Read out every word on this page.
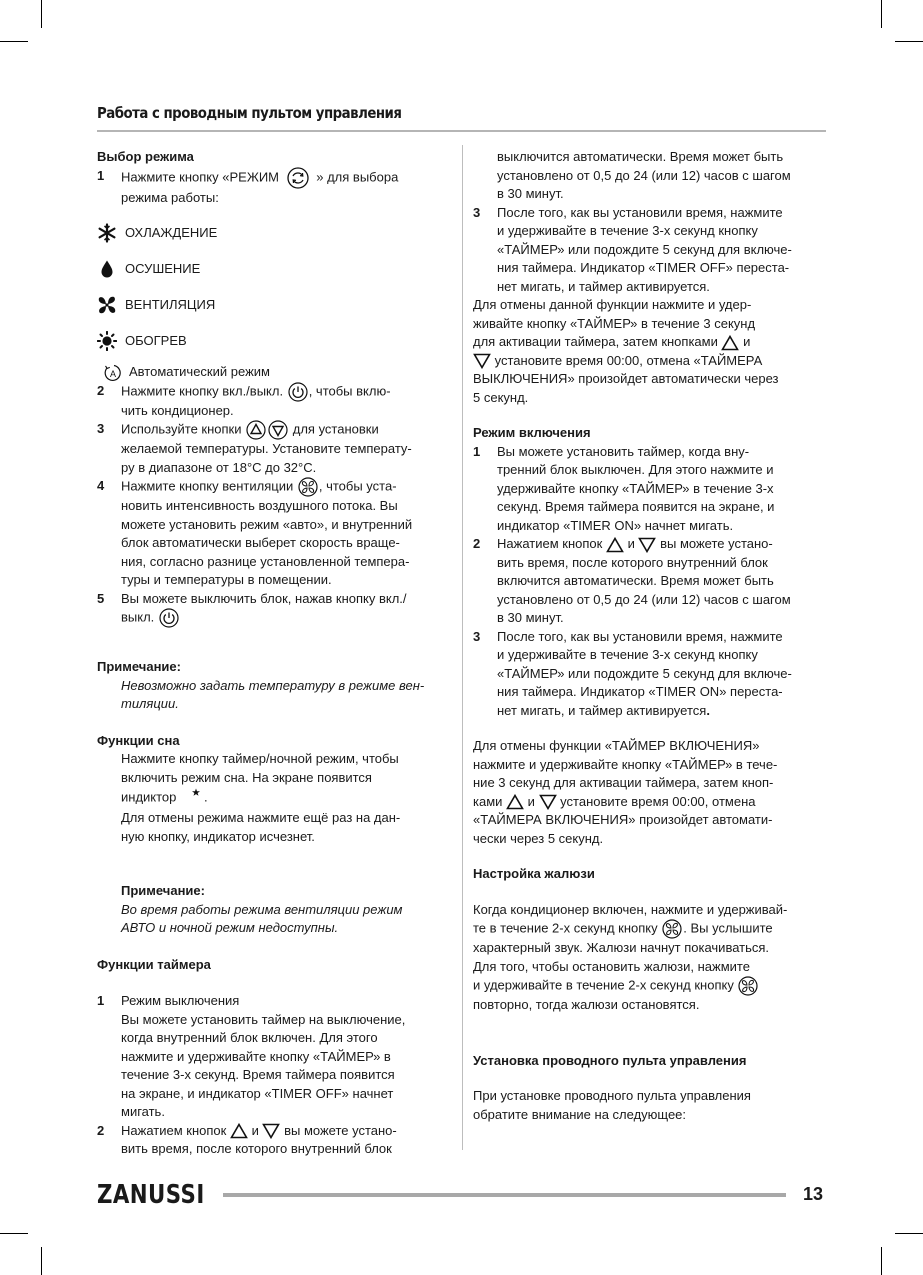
Работа с проводным пультом управления

Выбор режима

1	Нажмите кнопку «РЕЖИМ	» для выбора
режима работы:
ОХЛАЖДЕНИЕ
ОСУШЕНИЕ
ВЕНТИЛЯЦИЯ
ОБОГРЕВ

A Автоматический режим

2	Нажмите кнопку вкл./выкл. , чтобы вклю-
чить кондиционер.
3	Используйте кнопки	для установки
желаемой температуры. Установите температу-
ру в диапазоне от 18°C до 32°C.
4	Нажмите кнопку вентиляции , чтобы уста-
новить интенсивность воздушного потока. Вы
можете установить режим «авто», и внутренний
блок автоматически выберет скорость враще-
ния, согласно разнице установленной темпера-
туры и температуры в помещении.
5	Вы можете выключить блок, нажав кнопку вкл./
выкл.

Примечание:

Невозможно задать температуру в режиме вен-
тиляции.

Функции сна

Нажмите кнопку таймер/ночной режим, чтобы
включить режим сна. На экране появится
индиктор .
Для отмены режима нажмите ещё раз на дан-
ную кнопку, индикатор исчезнет.

Примечание:

Во время работы режима вентиляции режим
АВТО и ночной режим недоступны.

Функции таймера

1	Режим выключения
Вы можете установить таймер на выключение,
когда внутренний блок включен. Для этого
нажмите и удерживайте кнопку «ТАЙМЕР» в
течение 3-х секунд. Время таймера появится
на экране, и индикатор «TIMER OFF» начнет
мигать.
2	Нажатием кнопок и вы можете устано-
вить время, после которого внутренний блок

выключится автоматически. Время может быть
установлено от 0,5 до 24 (или 12) часов с шагом
в 30 минут.

3	После того, как вы установили время, нажмите
и удерживайте в течение 3-х секунд кнопку
«ТАЙМЕР» или подождите 5 секунд для включе-
ния таймера. Индикатор «TIMER OFF» переста-
нет мигать, и таймер активируется.

Для отмены данной функции нажмите и удер-
живайте кнопку «ТАЙМЕР» в течение 3 секунд
для активации таймера, затем кнопками и
установите время 00:00, отмена «ТАЙМЕРА
ВЫКЛЮЧЕНИЯ» произойдет автоматически через
5 секунд.

Режим включения

1	Вы можете установить таймер, когда вну-
тренний блок выключен. Для этого нажмите и
удерживайте кнопку «ТАЙМЕР» в течение 3-х
секунд. Время таймера появится на экране, и
индикатор «TIMER ON» начнет мигать.
2	Нажатием кнопок и вы можете устано-
вить время, после которого внутренний блок
включится автоматически. Время может быть
установлено от 0,5 до 24 (или 12) часов с шагом
в 30 минут.
3	После того, как вы установили время, нажмите
и удерживайте в течение 3-х секунд кнопку
«ТАЙМЕР» или подождите 5 секунд для включе-
ния таймера. Индикатор «TIMER ON» переста-
нет мигать, и таймер активируется.

Для отмены функции «ТАЙМЕР ВКЛЮЧЕНИЯ»
нажмите и удерживайте кнопку «ТАЙМЕР» в тече-
ние 3 секунд для активации таймера, затем кноп-
ками и установите время 00:00, отмена
«ТАЙМЕРА ВКЛЮЧЕНИЯ» произойдет автомати-
чески через 5 секунд.

Настройка жалюзи

Когда кондиционер включен, нажмите и удерживай-
те в течение 2-х секунд кнопку . Вы услышите
характерный звук. Жалюзи начнут покачиваться.
Для того, чтобы остановить жалюзи, нажмите
и удерживайте в течение 2-х секунд кнопку
повторно, тогда жалюзи остановятся.

Установка проводного пульта управления

При установке проводного пульта управления
обратите внимание на следующее:

ZANUSSI	13
